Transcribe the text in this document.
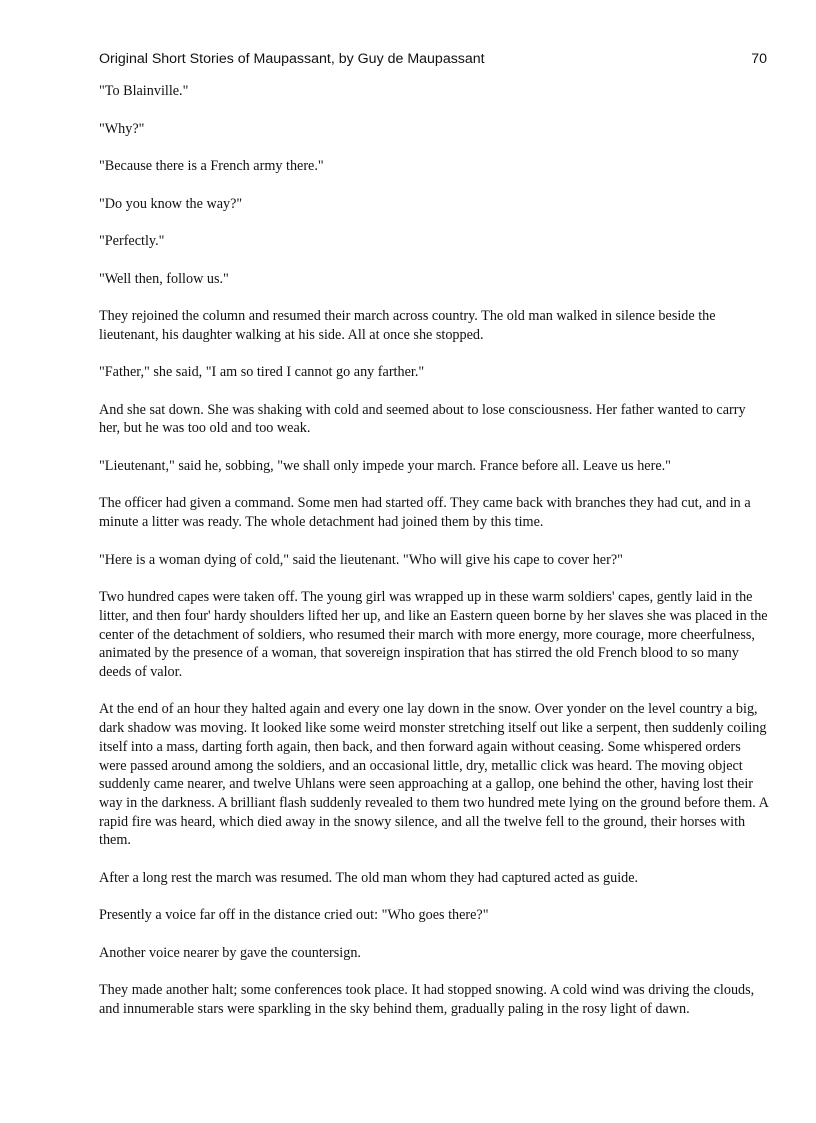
Original Short Stories of Maupassant, by Guy de Maupassant	70

"To Blainville."

"Why?"

"Because there is a French army there."

"Do you know the way?"

"Perfectly."

"Well then, follow us."

They rejoined the column and resumed their march across country. The old man walked in silence beside the lieutenant, his daughter walking at his side. All at once she stopped.

"Father," she said, "I am so tired I cannot go any farther."

And she sat down. She was shaking with cold and seemed about to lose consciousness. Her father wanted to carry her, but he was too old and too weak.

"Lieutenant," said he, sobbing, "we shall only impede your march. France before all. Leave us here."

The officer had given a command. Some men had started off. They came back with branches they had cut, and in a minute a litter was ready. The whole detachment had joined them by this time.

"Here is a woman dying of cold," said the lieutenant. "Who will give his cape to cover her?"

Two hundred capes were taken off. The young girl was wrapped up in these warm soldiers' capes, gently laid in the litter, and then four' hardy shoulders lifted her up, and like an Eastern queen borne by her slaves she was placed in the center of the detachment of soldiers, who resumed their march with more energy, more courage, more cheerfulness, animated by the presence of a woman, that sovereign inspiration that has stirred the old French blood to so many deeds of valor.

At the end of an hour they halted again and every one lay down in the snow. Over yonder on the level country a big, dark shadow was moving. It looked like some weird monster stretching itself out like a serpent, then suddenly coiling itself into a mass, darting forth again, then back, and then forward again without ceasing. Some whispered orders were passed around among the soldiers, and an occasional little, dry, metallic click was heard. The moving object suddenly came nearer, and twelve Uhlans were seen approaching at a gallop, one behind the other, having lost their way in the darkness. A brilliant flash suddenly revealed to them two hundred mete lying on the ground before them. A rapid fire was heard, which died away in the snowy silence, and all the twelve fell to the ground, their horses with them.

After a long rest the march was resumed. The old man whom they had captured acted as guide.

Presently a voice far off in the distance cried out: "Who goes there?"

Another voice nearer by gave the countersign.

They made another halt; some conferences took place. It had stopped snowing. A cold wind was driving the clouds, and innumerable stars were sparkling in the sky behind them, gradually paling in the rosy light of dawn.
